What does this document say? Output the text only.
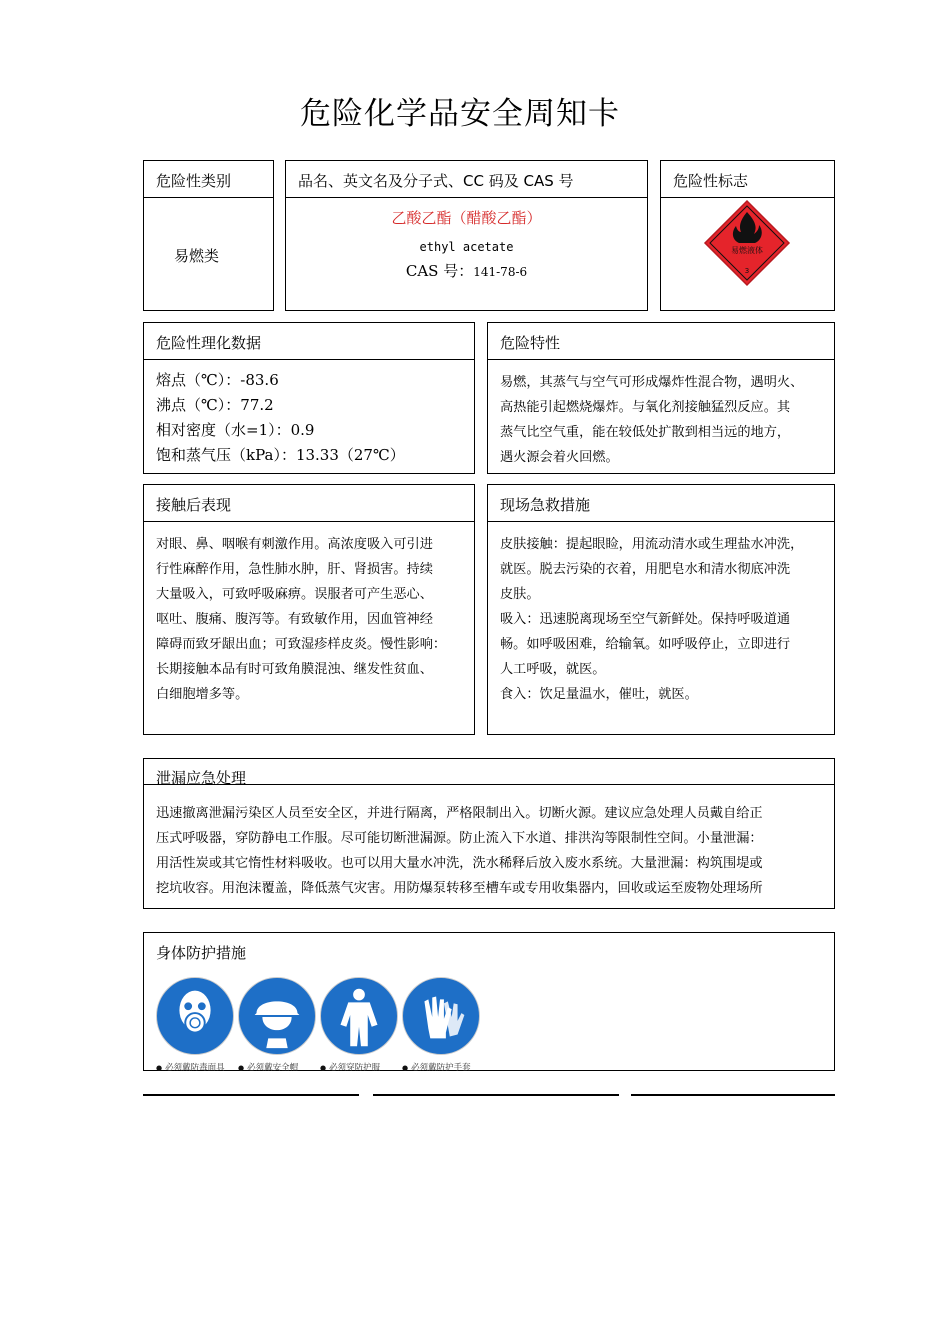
危险化学品安全周知卡
危险性类别
易燃类
品名、英文名及分子式、CC 码及 CAS 号
乙酸乙酯（醋酸乙酯）
ethyl acetate
CAS 号：141-78-6
危险性标志
易燃液体
3
危险性理化数据
熔点（℃）：-83.6
沸点（℃）：77.2
相对密度（水=1）：0.9
饱和蒸气压（kPa）：13.33（27℃）
危险特性
易燃，其蒸气与空气可形成爆炸性混合物，遇明火、
高热能引起燃烧爆炸。与氧化剂接触猛烈反应。其
蒸气比空气重，能在较低处扩散到相当远的地方，
遇火源会着火回燃。
接触后表现
对眼、鼻、咽喉有刺激作用。高浓度吸入可引进
行性麻醉作用，急性肺水肿，肝、肾损害。持续
大量吸入，可致呼吸麻痹。误服者可产生恶心、
呕吐、腹痛、腹泻等。有致敏作用，因血管神经
障碍而致牙龈出血；可致湿疹样皮炎。慢性影响：
长期接触本品有时可致角膜混浊、继发性贫血、
白细胞增多等。
现场急救措施
皮肤接触：提起眼睑，用流动清水或生理盐水冲洗，
就医。脱去污染的衣着，用肥皂水和清水彻底冲洗
皮肤。
吸入：迅速脱离现场至空气新鲜处。保持呼吸道通
畅。如呼吸困难，给输氧。如呼吸停止，立即进行
人工呼吸，就医。
食入：饮足量温水，催吐，就医。
泄漏应急处理
迅速撤离泄漏污染区人员至安全区，并进行隔离，严格限制出入。切断火源。建议应急处理人员戴自给正
压式呼吸器，穿防静电工作服。尽可能切断泄漏源。防止流入下水道、排洪沟等限制性空间。小量泄漏：
用活性炭或其它惰性材料吸收。也可以用大量水冲洗，洗水稀释后放入废水系统。大量泄漏：构筑围堤或
挖坑收容。用泡沫覆盖，降低蒸气灾害。用防爆泵转移至槽车或专用收集器内，回收或运至废物处理场所
身体防护措施
● 必须戴防毒面具	● 必须戴安全帽	● 必须穿防护服	● 必须戴防护手套
